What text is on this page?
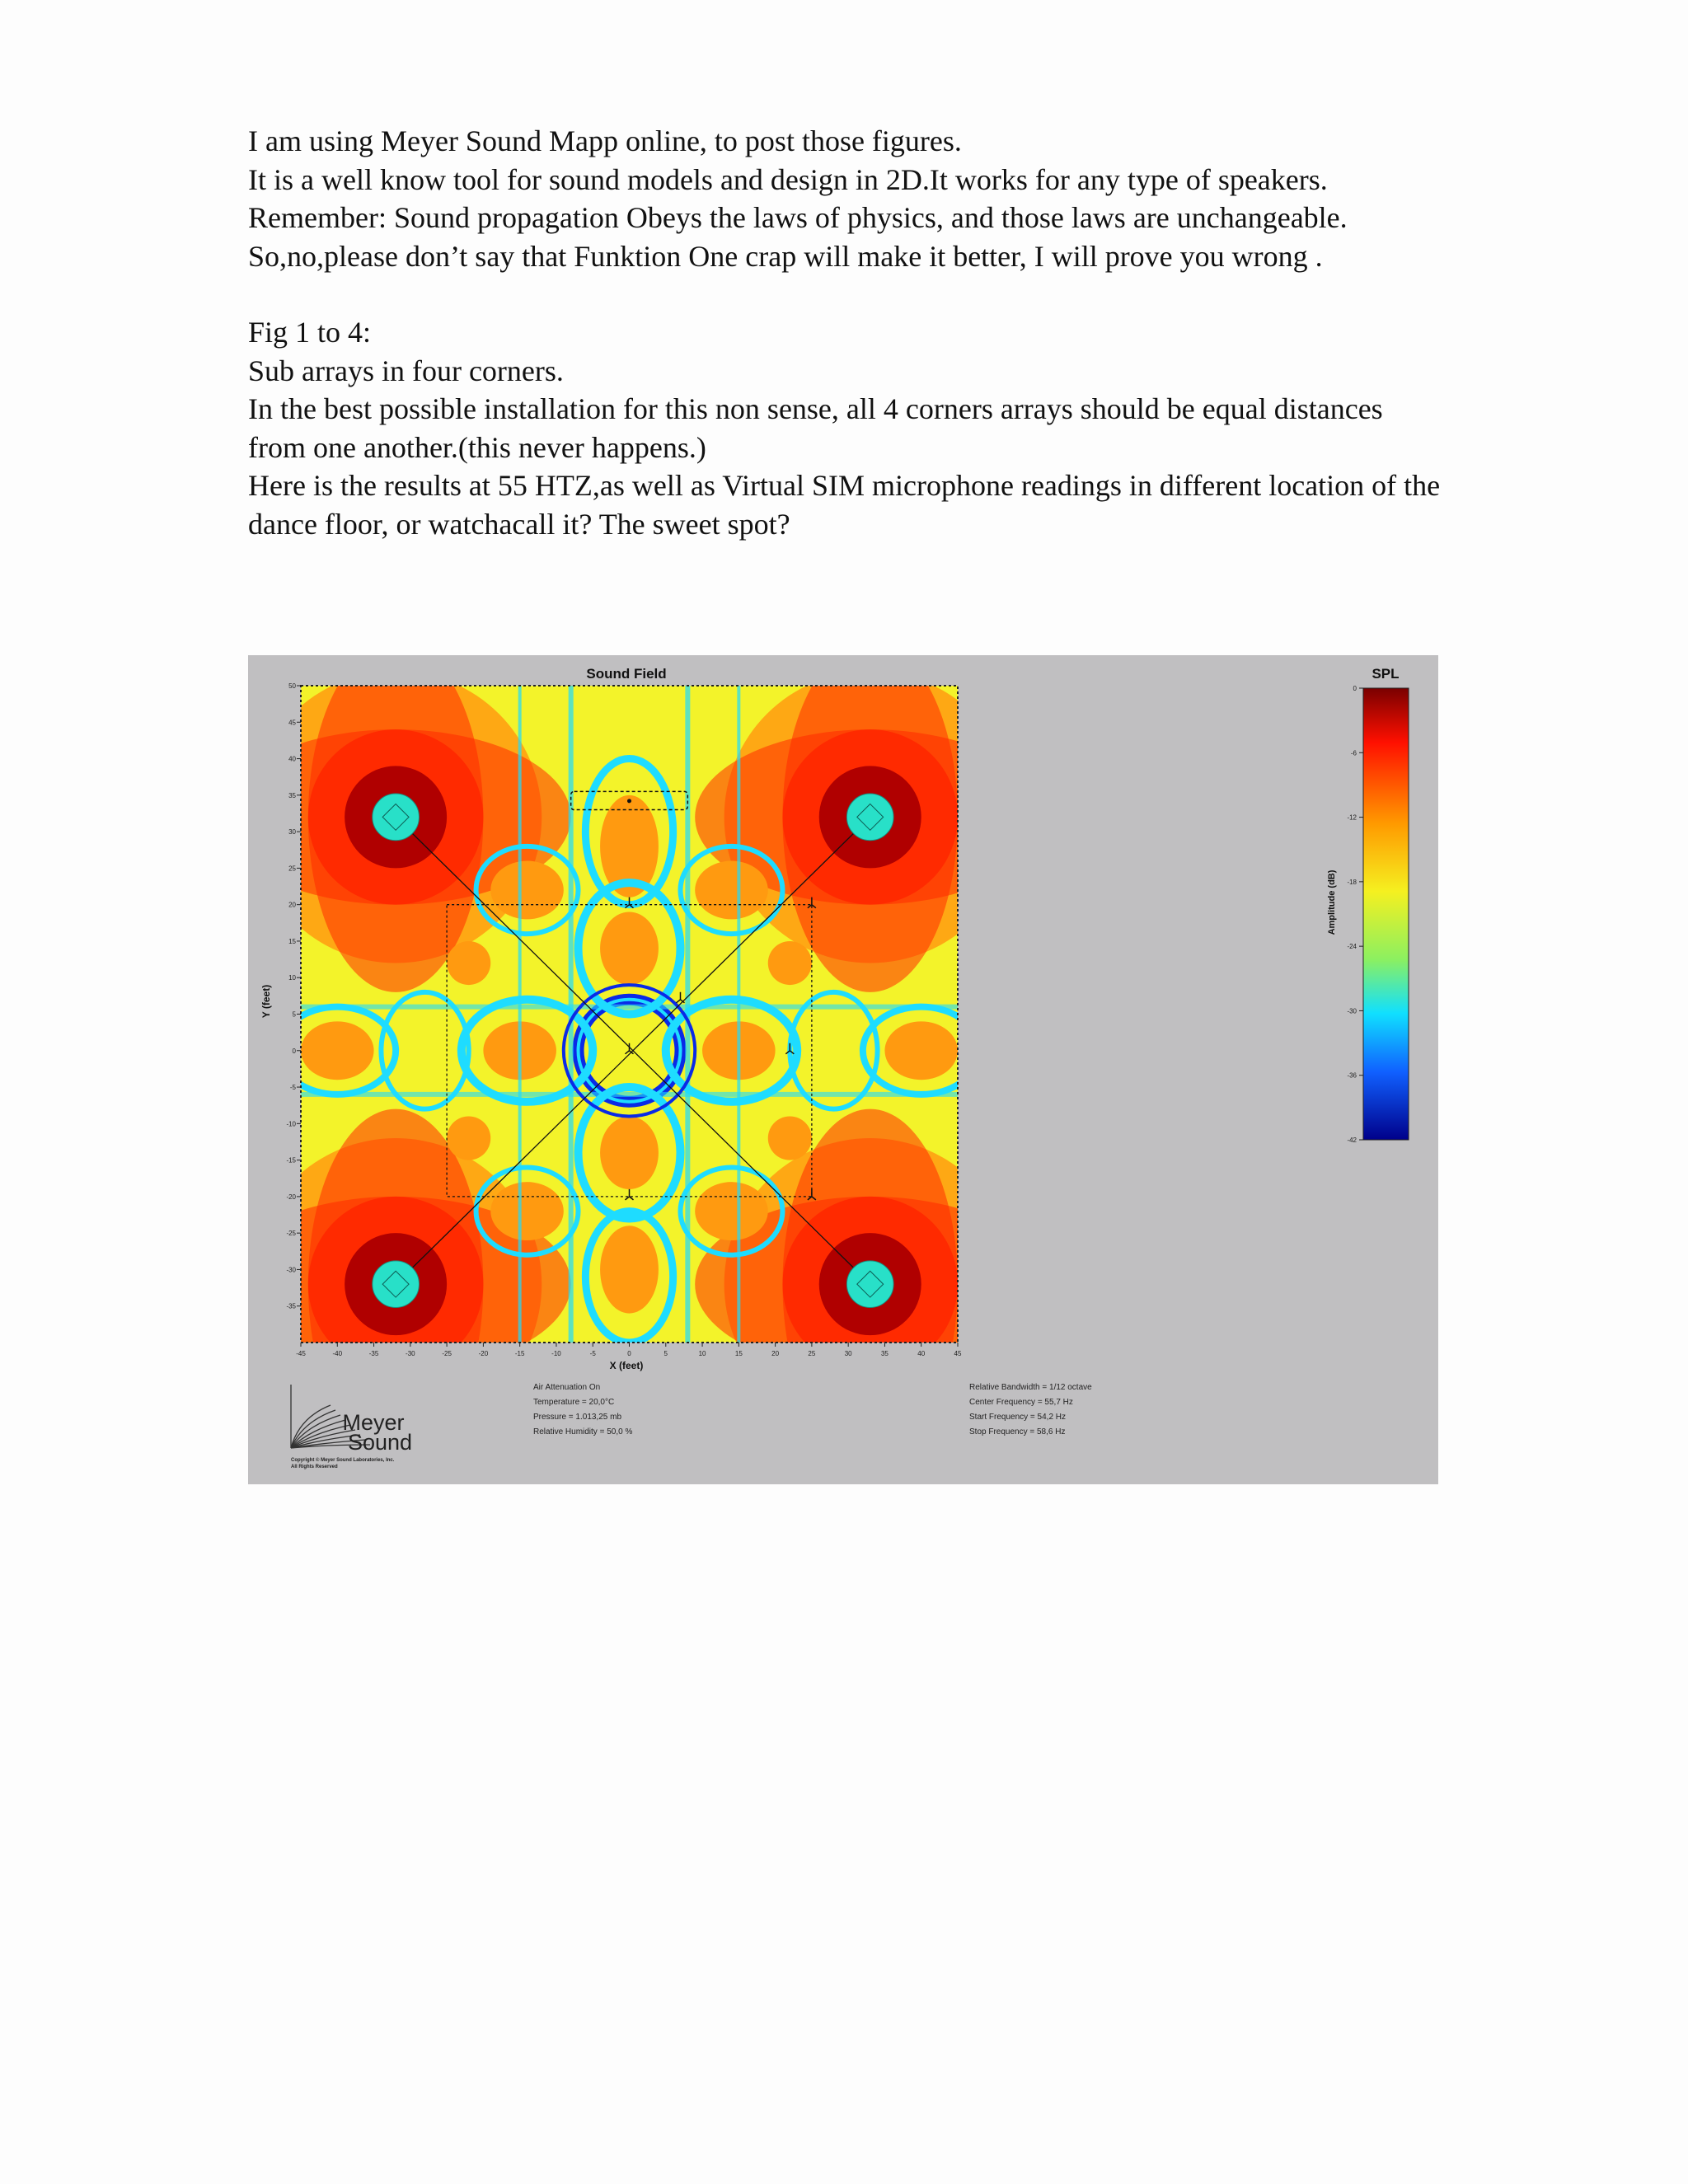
I am using Meyer Sound Mapp online, to post those figures.

It is a well know tool for sound models and design in 2D.It works for any type of speakers.

Remember: Sound propagation Obeys the laws of physics, and those laws are unchangeable. So,no,please don’t say that Funktion One crap will make it better, I will prove you wrong .

Fig 1 to 4:

Sub arrays in four corners.

In the best possible installation for this non sense, all 4 corners arrays should be equal distances from one another.(this never happens.)

Here is the results at 55 HTZ,as well as Virtual SIM microphone readings in different location of the dance floor, or watchacall it? The sweet spot?

Sound Field
-45	-40	-35	-30	-25	-20	-15	-10	-5	0	5	10	15	20	25	30	35	40	45
50
45
40
35
30
25
20
15
10
5
0
-5
-10
-15
-20
-25
-30
-35
X (feet)
Y (feet)
SPL
0
-6
-12
-18
-24
-30
-36
-42
Amplitude (dB)
Meyer
Sound
Copyright © Meyer Sound Laboratories, Inc.
All Rights Reserved
Air Attenuation On
Temperature = 20,0°C
Pressure = 1.013,25 mb
Relative Humidity = 50,0 %
Relative Bandwidth = 1/12 octave
Center Frequency = 55,7 Hz
Start Frequency = 54,2 Hz
Stop Frequency = 58,6 Hz
